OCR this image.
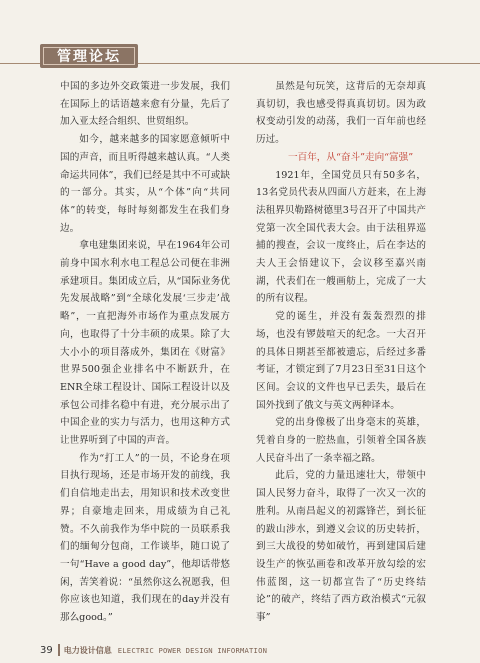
管理论坛

中国的多边外交政策进一步发展，我们在国际上的话语越来愈有分量，先后了加入亚太经合组织、世贸组织。

如今，越来越多的国家愿意倾听中国的声音，而且听得越来越认真。“人类命运共同体”，我们已经是其中不可或缺的一部分。其实，从“个体”向“共同体”的转变，每时每刻都发生在我们身边。

拿电建集团来说，早在1964年公司前身中国水利水电工程总公司便在非洲承建项目。集团成立后，从“国际业务优先发展战略”到“全球化发展‘三步走’战略”，一直把海外市场作为重点发展方向，也取得了十分丰硕的成果。除了大大小小的项目落成外，集团在《财富》世界500强企业排名中不断跃升，在ENR全球工程设计、国际工程设计以及承包公司排名稳中有进，充分展示出了中国企业的实力与活力，也用这种方式让世界听到了中国的声音。

作为“打工人”的一员，不论身在项目执行现场，还是市场开发的前线，我们自信地走出去，用知识和技术改变世界；自豪地走回来，用成绩为自己礼赞。不久前我作为华中院的一员联系我们的缅甸分包商，工作谈毕，随口说了一句“Have a good day”，他却话带悠闲，苦笑着说：“虽然你这么祝愿我，但你应该也知道，我们现在的day并没有那么good。”

虽然是句玩笑，这背后的无奈却真真切切，我也感受得真真切切。因为政权变动引发的动荡，我们一百年前也经历过。

一百年，从“奋斗”走向“富强”

1921年，全国党员只有50多名，13名党员代表从四面八方赶来，在上海法租界贝勒路树德里3号召开了中国共产党第一次全国代表大会。由于法租界巡捕的搜查，会议一度终止，后在李达的夫人王会悟建议下，会议移至嘉兴南湖，代表们在一艘画舫上，完成了一大的所有议程。

党的诞生，并没有轰轰烈烈的排场，也没有锣鼓喧天的纪念。一大召开的具体日期甚至都被遗忘，后经过多番考证，才锁定到了7月23日至31日这个区间。会议的文件也早已丢失，最后在国外找到了俄文与英文两种译本。

党的出身像极了出身毫末的英雄，凭着自身的一腔热血，引领着全国各族人民奋斗出了一条幸福之路。

此后，党的力量迅速壮大，带领中国人民努力奋斗，取得了一次又一次的胜利。从南昌起义的初露锋芒，到长征的跋山涉水，到遵义会议的历史转折，到三大战役的势如破竹，再到建国后建设生产的恢弘画卷和改革开放勾绘的宏伟蓝图，这一切都宣告了“历史终结论”的破产，终结了西方政治模式“元叙事”

39 电力设计信息 ELECTRIC POWER DESIGN INFORMATION
